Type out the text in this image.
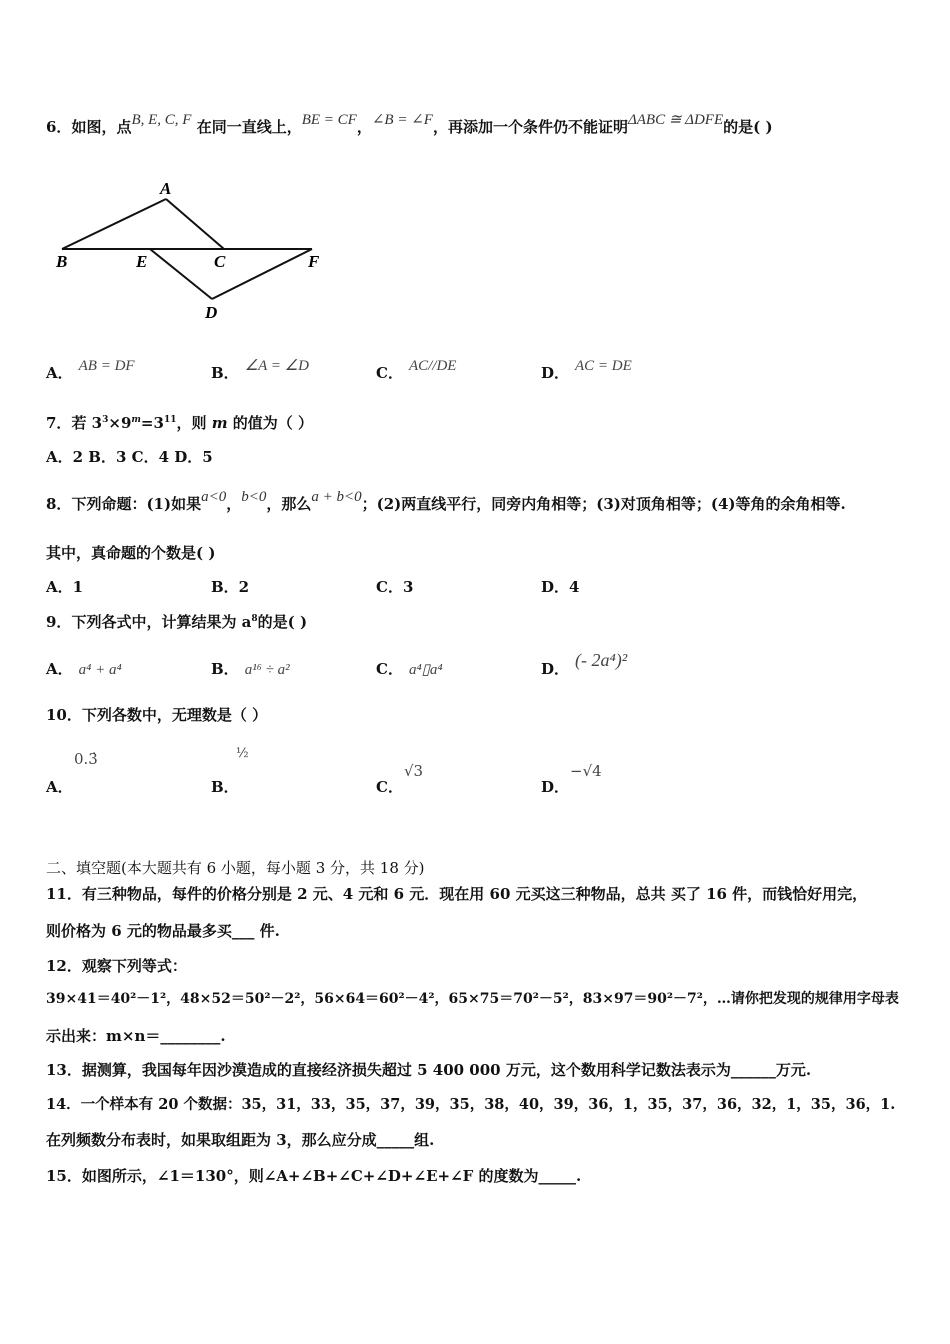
6．如图，点B, E, C, F 在同一直线上，BE = CF，∠B = ∠F，再添加一个条件仍不能证明ΔABC ≅ ΔDFE的是( )
A
B	E	C	F
D
A． AB = DF	B． ∠A = ∠D	C． AC//DE	D． AC = DE
7．若 $3^3\times 9^m=3^{11}$，则 m 的值为（ ）
A．2 B．3 C．4 D．5
8．下列命题：(1)如果a<0，b<0，那么a + b<0；(2)两直线平行，同旁内角相等；(3)对顶角相等；(4)等角的余角相等.
其中，真命题的个数是( )
A．1	B．2	C．3	D．4
9．下列各式中，计算结果为 $a^8$的是( )
A． a⁴ + a⁴	B． a¹⁶ ÷ a²	C． a⁴▯a⁴	D． (- 2a⁴)²
10．下列各数中，无理数是（ ）
A．
0.3̇
B．
½
C．
√3
D．
−√4
二、填空题(本大题共有 6 小题，每小题 3 分，共 18 分)
11．有三种物品，每件的价格分别是 2 元、4 元和 6 元．现在用 60 元买这三种物品，总共 买了 16 件，而钱恰好用完，
则价格为 6 元的物品最多买___ 件.
12．观察下列等式：
39×41＝40²－1²，48×52＝50²－2²，56×64＝60²－4²，65×75＝70²－5²，83×97＝90²－7²，…请你把发现的规律用字母表
示出来：m×n＝________.
13．据测算，我国每年因沙漠造成的直接经济损失超过 5 400 000 万元，这个数用科学记数法表示为______万元.
14．一个样本有 20 个数据：35，31，33，35，37，39，35，38，40，39，36，1，35，37，36，32，1，35，36，1.
在列频数分布表时，如果取组距为 3，那么应分成_____组.
15．如图所示，∠1＝130°，则∠A+∠B+∠C+∠D+∠E+∠F 的度数为_____.
